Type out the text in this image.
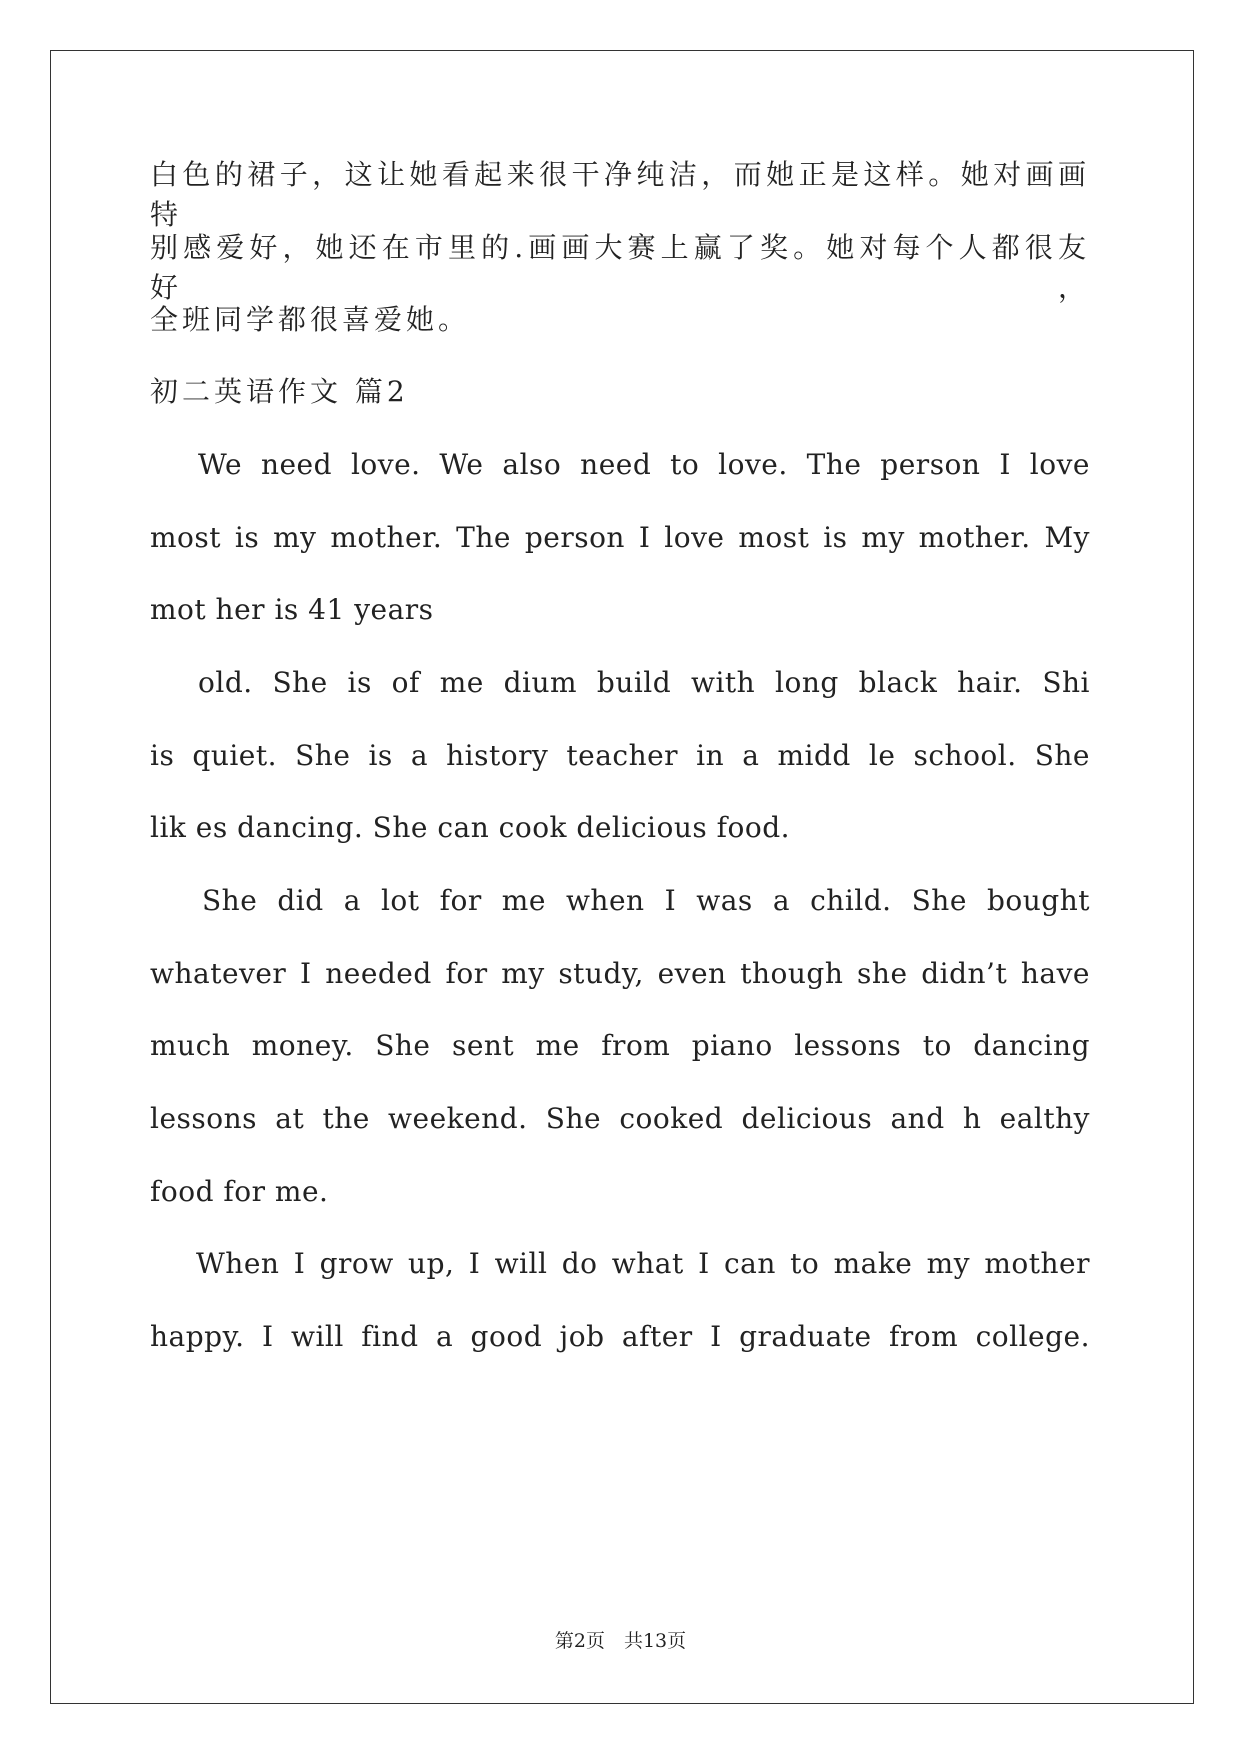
白色的裙子，这让她看起来很干净纯洁，而她正是这样。她对画画特
别感爱好，她还在市里的.画画大赛上赢了奖。她对每个人都很友好，
全班同学都很喜爱她。
初二英语作文 篇2
We need love. We also need to love. The person I love
most is my mother. The person I love most is my mother. My
mot her is 41 years
old. She is of me dium build with long black hair. Shi
is quiet. She is a history teacher in a midd le school. She
lik es dancing. She can cook delicious food.
She did a lot for me when I was a child. She bought
whatever I needed for my study, even though she didn’t have
much money. She sent me from piano lessons to dancing
lessons at the weekend. She cooked delicious and h ealthy
food for me.
When I grow up, I will do what I can to make my mother
happy. I will find a good job after I graduate from college.
第2页　共13页
